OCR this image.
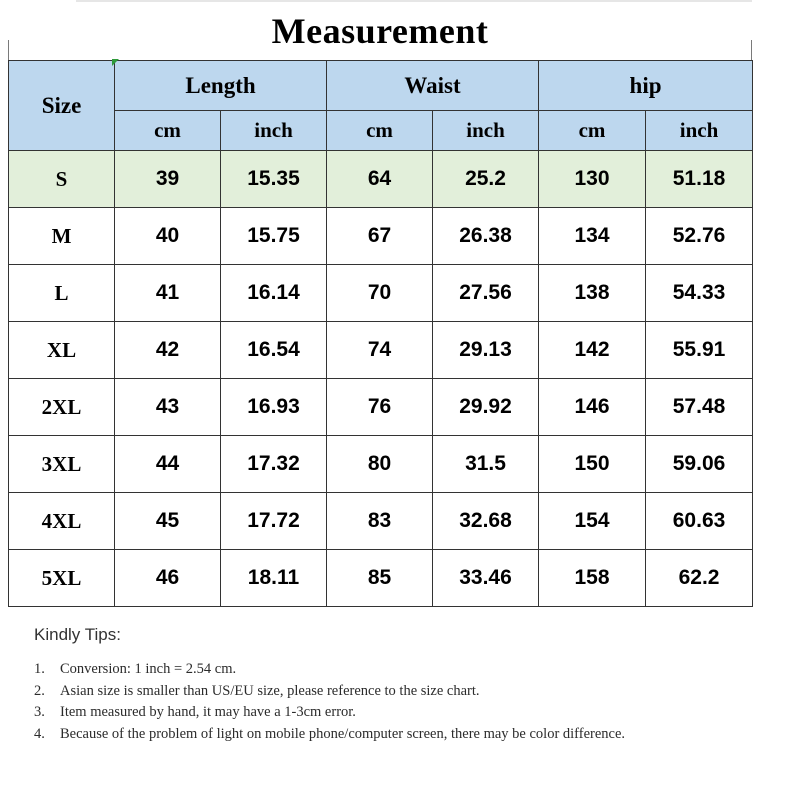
Measurement
Size	Length		Waist		hip	
	cm	inch	cm	inch	cm	inch
S	39	15.35	64	25.2	130	51.18
M	40	15.75	67	26.38	134	52.76
L	41	16.14	70	27.56	138	54.33
XL	42	16.54	74	29.13	142	55.91
2XL	43	16.93	76	29.92	146	57.48
3XL	44	17.32	80	31.5	150	59.06
4XL	45	17.72	83	32.68	154	60.63
5XL	46	18.11	85	33.46	158	62.2
Kindly Tips:
1.	Conversion: 1 inch = 2.54 cm.
2.	Asian size is smaller than US/EU size, please reference to the size chart.
3.	Item measured by hand, it may have a 1-3cm error.
4.	Because of the problem of light on mobile phone/computer screen, there may be color difference.
